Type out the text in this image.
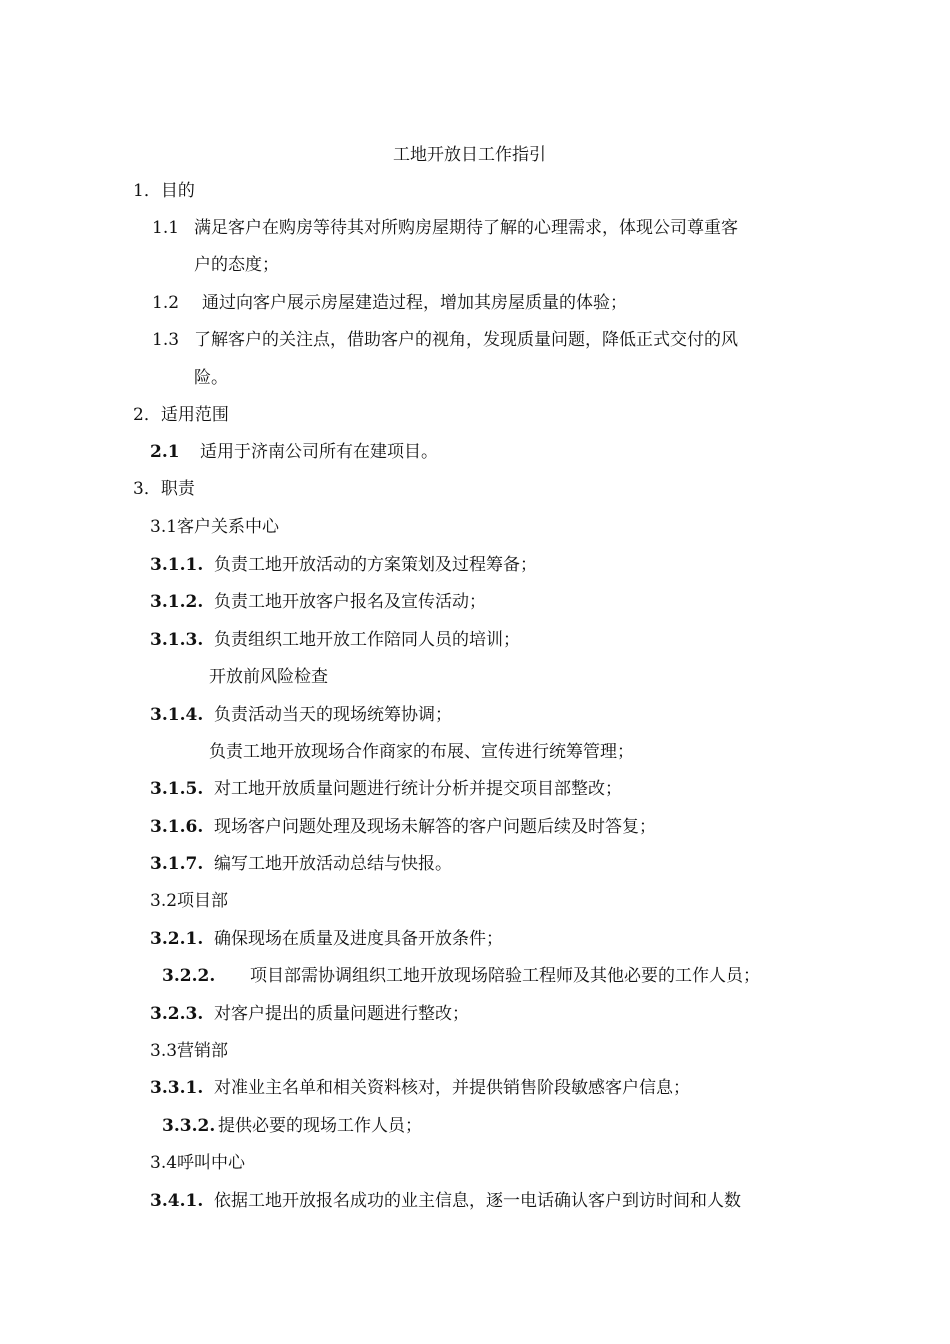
工地开放日工作指引
1．目的
1.1 满足客户在购房等待其对所购房屋期待了解的心理需求，体现公司尊重客
户的态度；
1.2 通过向客户展示房屋建造过程，增加其房屋质量的体验；
1.3 了解客户的关注点，借助客户的视角，发现质量问题，降低正式交付的风
险。
2．适用范围
2.1 适用于济南公司所有在建项目。
3．职责
3.1客户关系中心
3.1.1. 负责工地开放活动的方案策划及过程筹备；
3.1.2. 负责工地开放客户报名及宣传活动；
3.1.3. 负责组织工地开放工作陪同人员的培训；
开放前风险检查
3.1.4. 负责活动当天的现场统筹协调；
负责工地开放现场合作商家的布展、宣传进行统筹管理；
3.1.5. 对工地开放质量问题进行统计分析并提交项目部整改；
3.1.6. 现场客户问题处理及现场未解答的客户问题后续及时答复；
3.1.7. 编写工地开放活动总结与快报。
3.2项目部
3.2.1. 确保现场在质量及进度具备开放条件；
3.2.2. 项目部需协调组织工地开放现场陪验工程师及其他必要的工作人员；
3.2.3. 对客户提出的质量问题进行整改；
3.3营销部
3.3.1. 对准业主名单和相关资料核对，并提供销售阶段敏感客户信息；
3.3.2. 提供必要的现场工作人员；
3.4呼叫中心
3.4.1. 依据工地开放报名成功的业主信息，逐一电话确认客户到访时间和人数
